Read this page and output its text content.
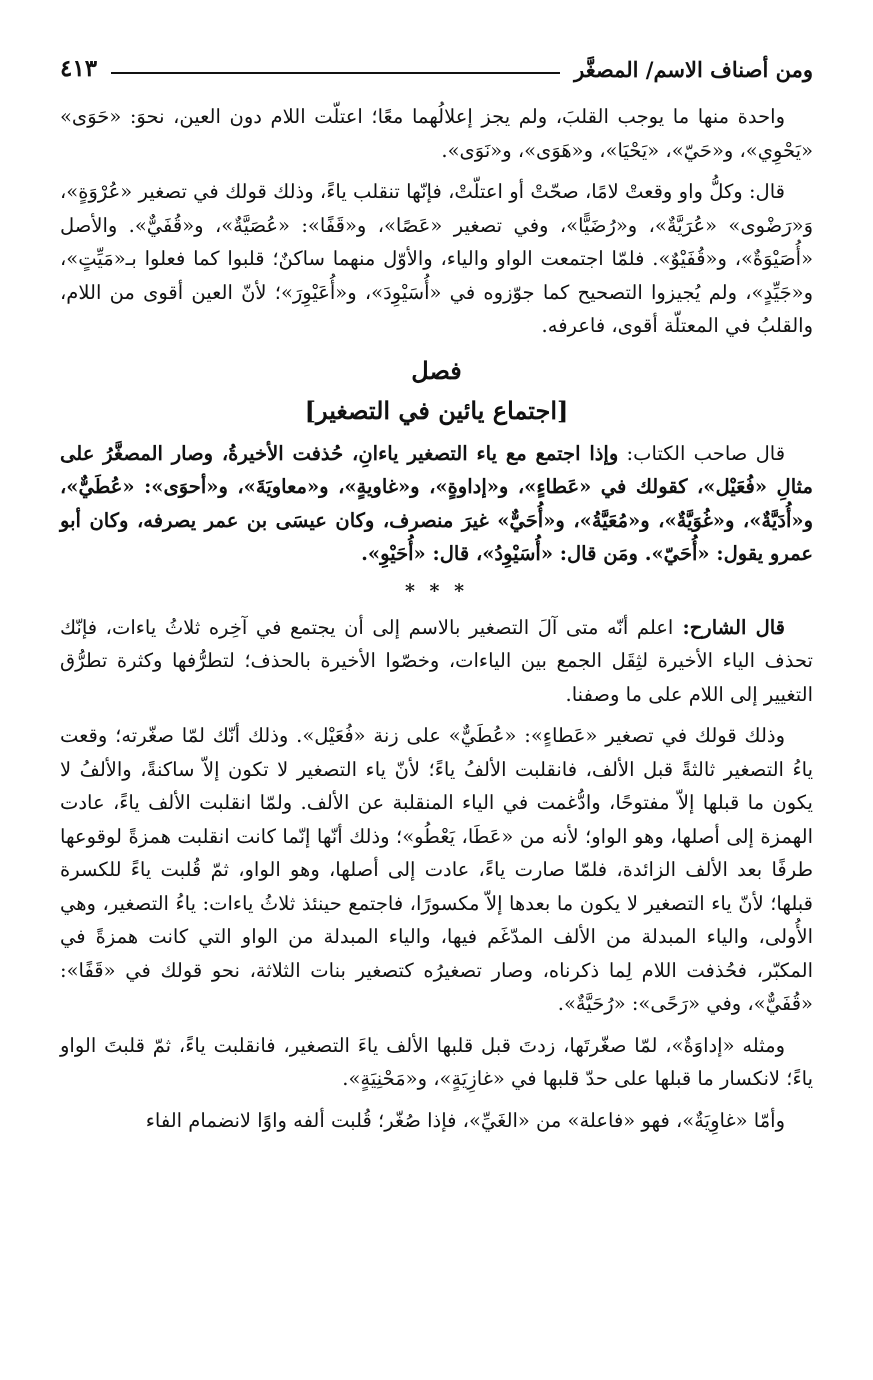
ومن أصناف الاسم/ المصغَّر
٤١٣

واحدة منها ما يوجب القلبَ، ولم يجز إعلالُهما معًا؛ اعتلّت اللام دون العين، نحوَ: «حَوَى» «يَحْوِي»، و«حَيّ»، «يَحْيَا»، و«هَوَى»، و«نَوَى».

قال: وكلُّ واو وقعتْ لامًا، صحّتْ أو اعتلّتْ، فإنّها تنقلب ياءً، وذلك قولك في تصغير «عُرْوَةٍ»، وَ«رَضْوى» «عُرَيَّةٌ»، و«رُضَيًّا»، وفي تصغير «عَصًا»، و«قَفًا»: «عُصَيَّةٌ»، و«قُفَيٌّ». والأصل «أُصَيْوَةٌ»، و«قُفَيْوٌ». فلمّا اجتمعت الواو والياء، والأوّل منهما ساكنٌ؛ قلبوا كما فعلوا بـ«مَيِّتٍ»، و«جَيِّدٍ»، ولم يُجيزوا التصحيح كما جوّزوه في «أُسَيْوِدَ»، و«أُعَيْوِرَ»؛ لأنّ العين أقوى من اللام، والقلبُ في المعتلّة أقوى، فاعرفه.

فصل
[اجتماع يائين في التصغير]

قال صاحب الكتاب: وإذا اجتمع مع ياء التصغير ياءانِ، حُذفت الأخيرةُ، وصار المصغَّرُ على مثالِ «فُعَيْل»، كقولك في «عَطاءٍ»، و«إداوةٍ»، و«غاويةٍ»، و«معاويَةَ»، و«أحوَى»: «عُطَيٌّ»، و«أُدَيَّةٌ»، و«غُوَيَّةٌ»، و«مُعَيَّةُ»، و«أُحَيٌّ» غيرَ منصرف، وكان عيسَى بن عمر يصرفه، وكان أبو عمرو يقول: «أُحَيّ». ومَن قال: «أُسَيْوِدُ»، قال: «أُحَيْوِ».

* * *

قال الشارح: اعلم أنّه متى آلَ التصغير بالاسم إلى أن يجتمع في آخِره ثلاثُ ياءات، فإنّك تحذف الياء الأخيرة لثِقَل الجمع بين الياءات، وخصّوا الأخيرة بالحذف؛ لتطرُّفها وكثرة تطرُّق التغيير إلى اللام على ما وصفنا.

وذلك قولك في تصغير «عَطاءٍ»: «عُطَيٌّ» على زنة «فُعَيْل». وذلك أنّك لمّا صغّرته؛ وقعت ياءُ التصغير ثالثةً قبل الألف، فانقلبت الألفُ ياءً؛ لأنّ ياء التصغير لا تكون إلاّ ساكنةً، والألفُ لا يكون ما قبلها إلاّ مفتوحًا، وادُّغمت في الياء المنقلبة عن الألف. ولمّا انقلبت الألف ياءً، عادت الهمزة إلى أصلها، وهو الواو؛ لأنه من «عَطَا، يَعْطُو»؛ وذلك أنّها إنّما كانت انقلبت همزةً لوقوعها طرفًا بعد الألف الزائدة، فلمّا صارت ياءً، عادت إلى أصلها، وهو الواو، ثمّ قُلبت ياءً للكسرة قبلها؛ لأنّ ياء التصغير لا يكون ما بعدها إلاّ مكسورًا، فاجتمع حينئذ ثلاثُ ياءات: ياءُ التصغير، وهي الأُولى، والياء المبدلة من الألف المدّغَم فيها، والياء المبدلة من الواو التي كانت همزةً في المكبّر، فحُذفت اللام لِما ذكرناه، وصار تصغيرُه كتصغير بنات الثلاثة، نحو قولك في «قَفًا»: «قُفَيٌّ»، وفي «رَحًى»: «رُحَيَّةٌ».

ومثله «إداوَةٌ»، لمّا صغّرتَها، زدتَ قبل قلبها الألف ياءَ التصغير، فانقلبت ياءً، ثمّ قلبتَ الواو ياءً؛ لانكسار ما قبلها على حدّ قلبها في «غازِيَةٍ»، و«مَحْنِيَةٍ».

وأمّا «غاوِيَةٌ»، فهو «فاعلة» من «الغَيِّ»، فإذا صُغّر؛ قُلبت ألفه واوًا لانضمام الفاء
